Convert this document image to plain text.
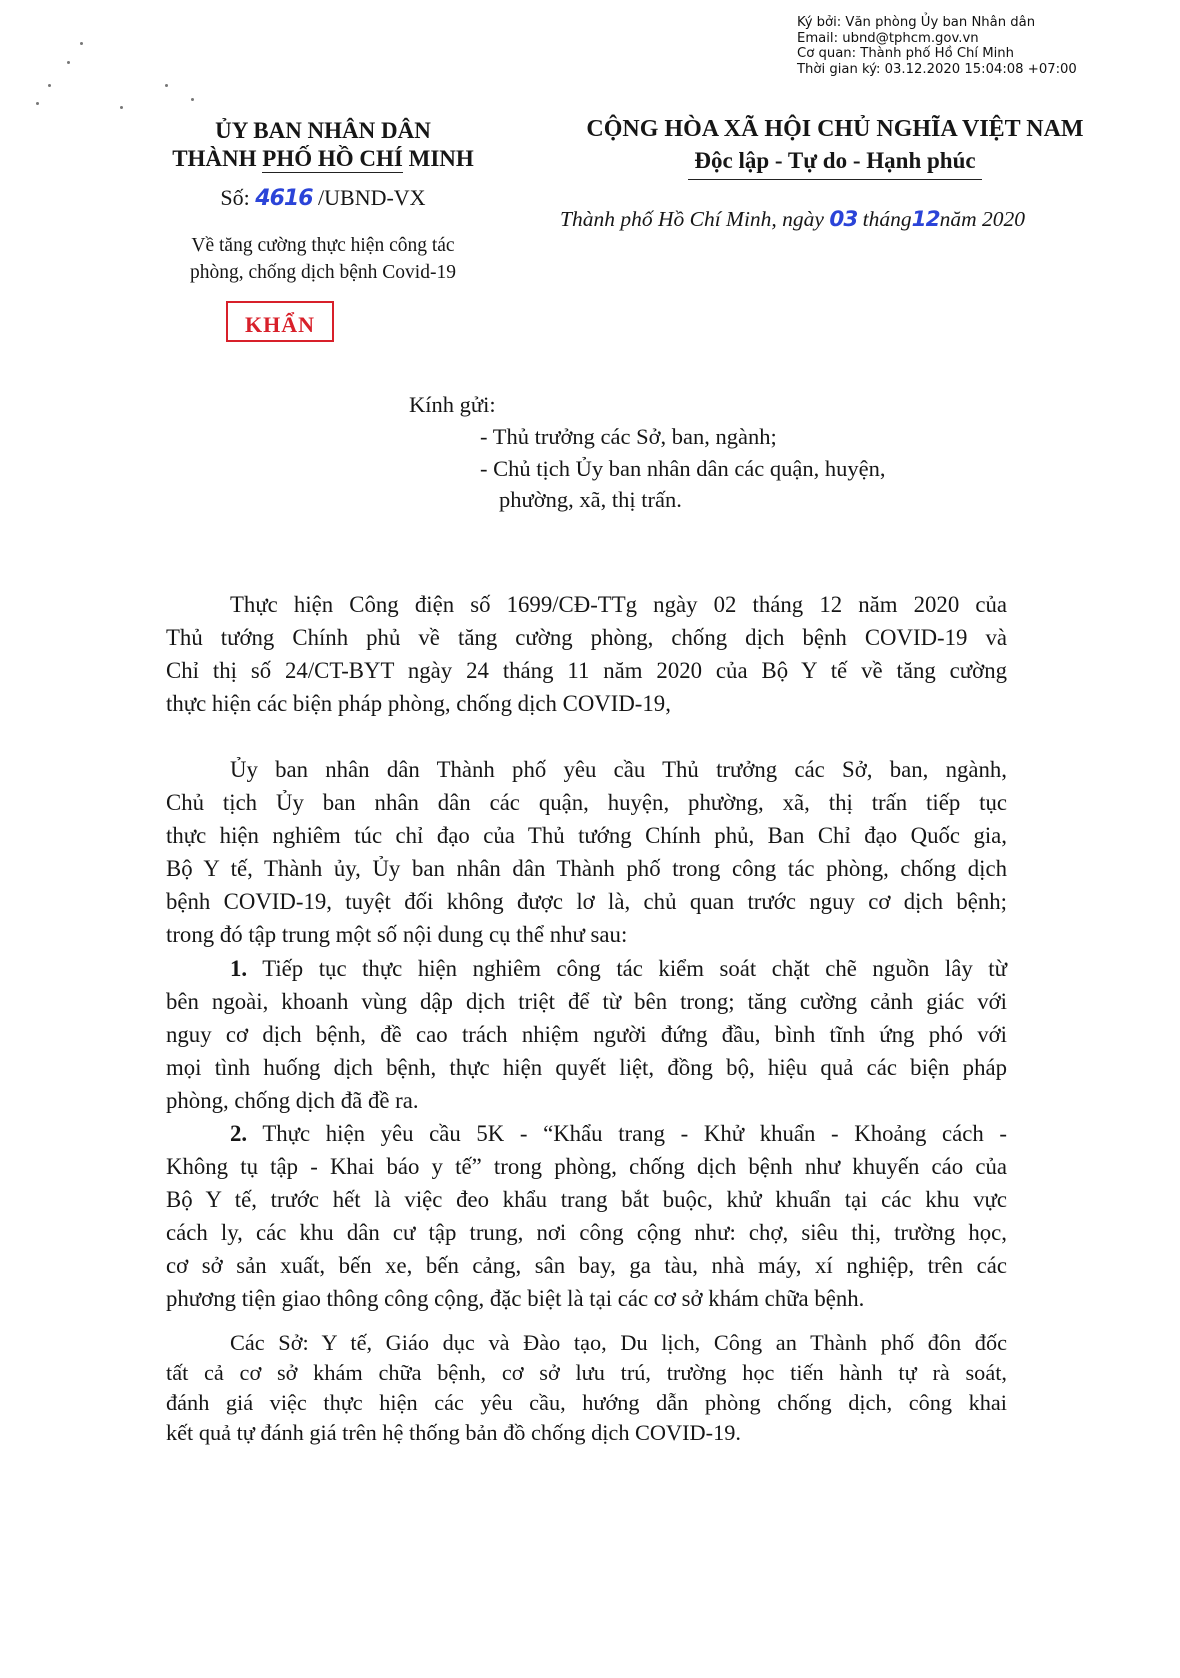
Ký bởi: Văn phòng Ủy ban Nhân dân
Email: ubnd@tphcm.gov.vn
Cơ quan: Thành phố Hồ Chí Minh
Thời gian ký: 03.12.2020 15:04:08 +07:00
ỦY BAN NHÂN DÂN
THÀNH PHỐ HỒ CHÍ MINH
Số: 4616 /UBND-VX
Về tăng cường thực hiện công tác
phòng, chống dịch bệnh Covid-19
CỘNG HÒA XÃ HỘI CHỦ NGHĨA VIỆT NAM
Độc lập - Tự do - Hạnh phúc
Thành phố Hồ Chí Minh, ngày 03 tháng12năm 2020
KHẨN
Kính gửi:
- Thủ trưởng các Sở, ban, ngành;
- Chủ tịch Ủy ban nhân dân các quận, huyện,
phường, xã, thị trấn.
Thực hiện Công điện số 1699/CĐ-TTg ngày 02 tháng 12 năm 2020 của
Thủ tướng Chính phủ về tăng cường phòng, chống dịch bệnh COVID-19 và
Chỉ thị số 24/CT-BYT ngày 24 tháng 11 năm 2020 của Bộ Y tế về tăng cường
thực hiện các biện pháp phòng, chống dịch COVID-19,
Ủy ban nhân dân Thành phố yêu cầu Thủ trưởng các Sở, ban, ngành,
Chủ tịch Ủy ban nhân dân các quận, huyện, phường, xã, thị trấn tiếp tục
thực hiện nghiêm túc chỉ đạo của Thủ tướng Chính phủ, Ban Chỉ đạo Quốc gia,
Bộ Y tế, Thành ủy, Ủy ban nhân dân Thành phố trong công tác phòng, chống dịch
bệnh COVID-19, tuyệt đối không được lơ là, chủ quan trước nguy cơ dịch bệnh;
trong đó tập trung một số nội dung cụ thể như sau:
1. Tiếp tục thực hiện nghiêm công tác kiểm soát chặt chẽ nguồn lây từ
bên ngoài, khoanh vùng dập dịch triệt để từ bên trong; tăng cường cảnh giác với
nguy cơ dịch bệnh, đề cao trách nhiệm người đứng đầu, bình tĩnh ứng phó với
mọi tình huống dịch bệnh, thực hiện quyết liệt, đồng bộ, hiệu quả các biện pháp
phòng, chống dịch đã đề ra.
2. Thực hiện yêu cầu 5K - “Khẩu trang - Khử khuẩn - Khoảng cách -
Không tụ tập - Khai báo y tế” trong phòng, chống dịch bệnh như khuyến cáo của
Bộ Y tế, trước hết là việc đeo khẩu trang bắt buộc, khử khuẩn tại các khu vực
cách ly, các khu dân cư tập trung, nơi công cộng như: chợ, siêu thị, trường học,
cơ sở sản xuất, bến xe, bến cảng, sân bay, ga tàu, nhà máy, xí nghiệp, trên các
phương tiện giao thông công cộng, đặc biệt là tại các cơ sở khám chữa bệnh.
Các Sở: Y tế, Giáo dục và Đào tạo, Du lịch, Công an Thành phố đôn đốc
tất cả cơ sở khám chữa bệnh, cơ sở lưu trú, trường học tiến hành tự rà soát,
đánh giá việc thực hiện các yêu cầu, hướng dẫn phòng chống dịch, công khai
kết quả tự đánh giá trên hệ thống bản đồ chống dịch COVID-19.
